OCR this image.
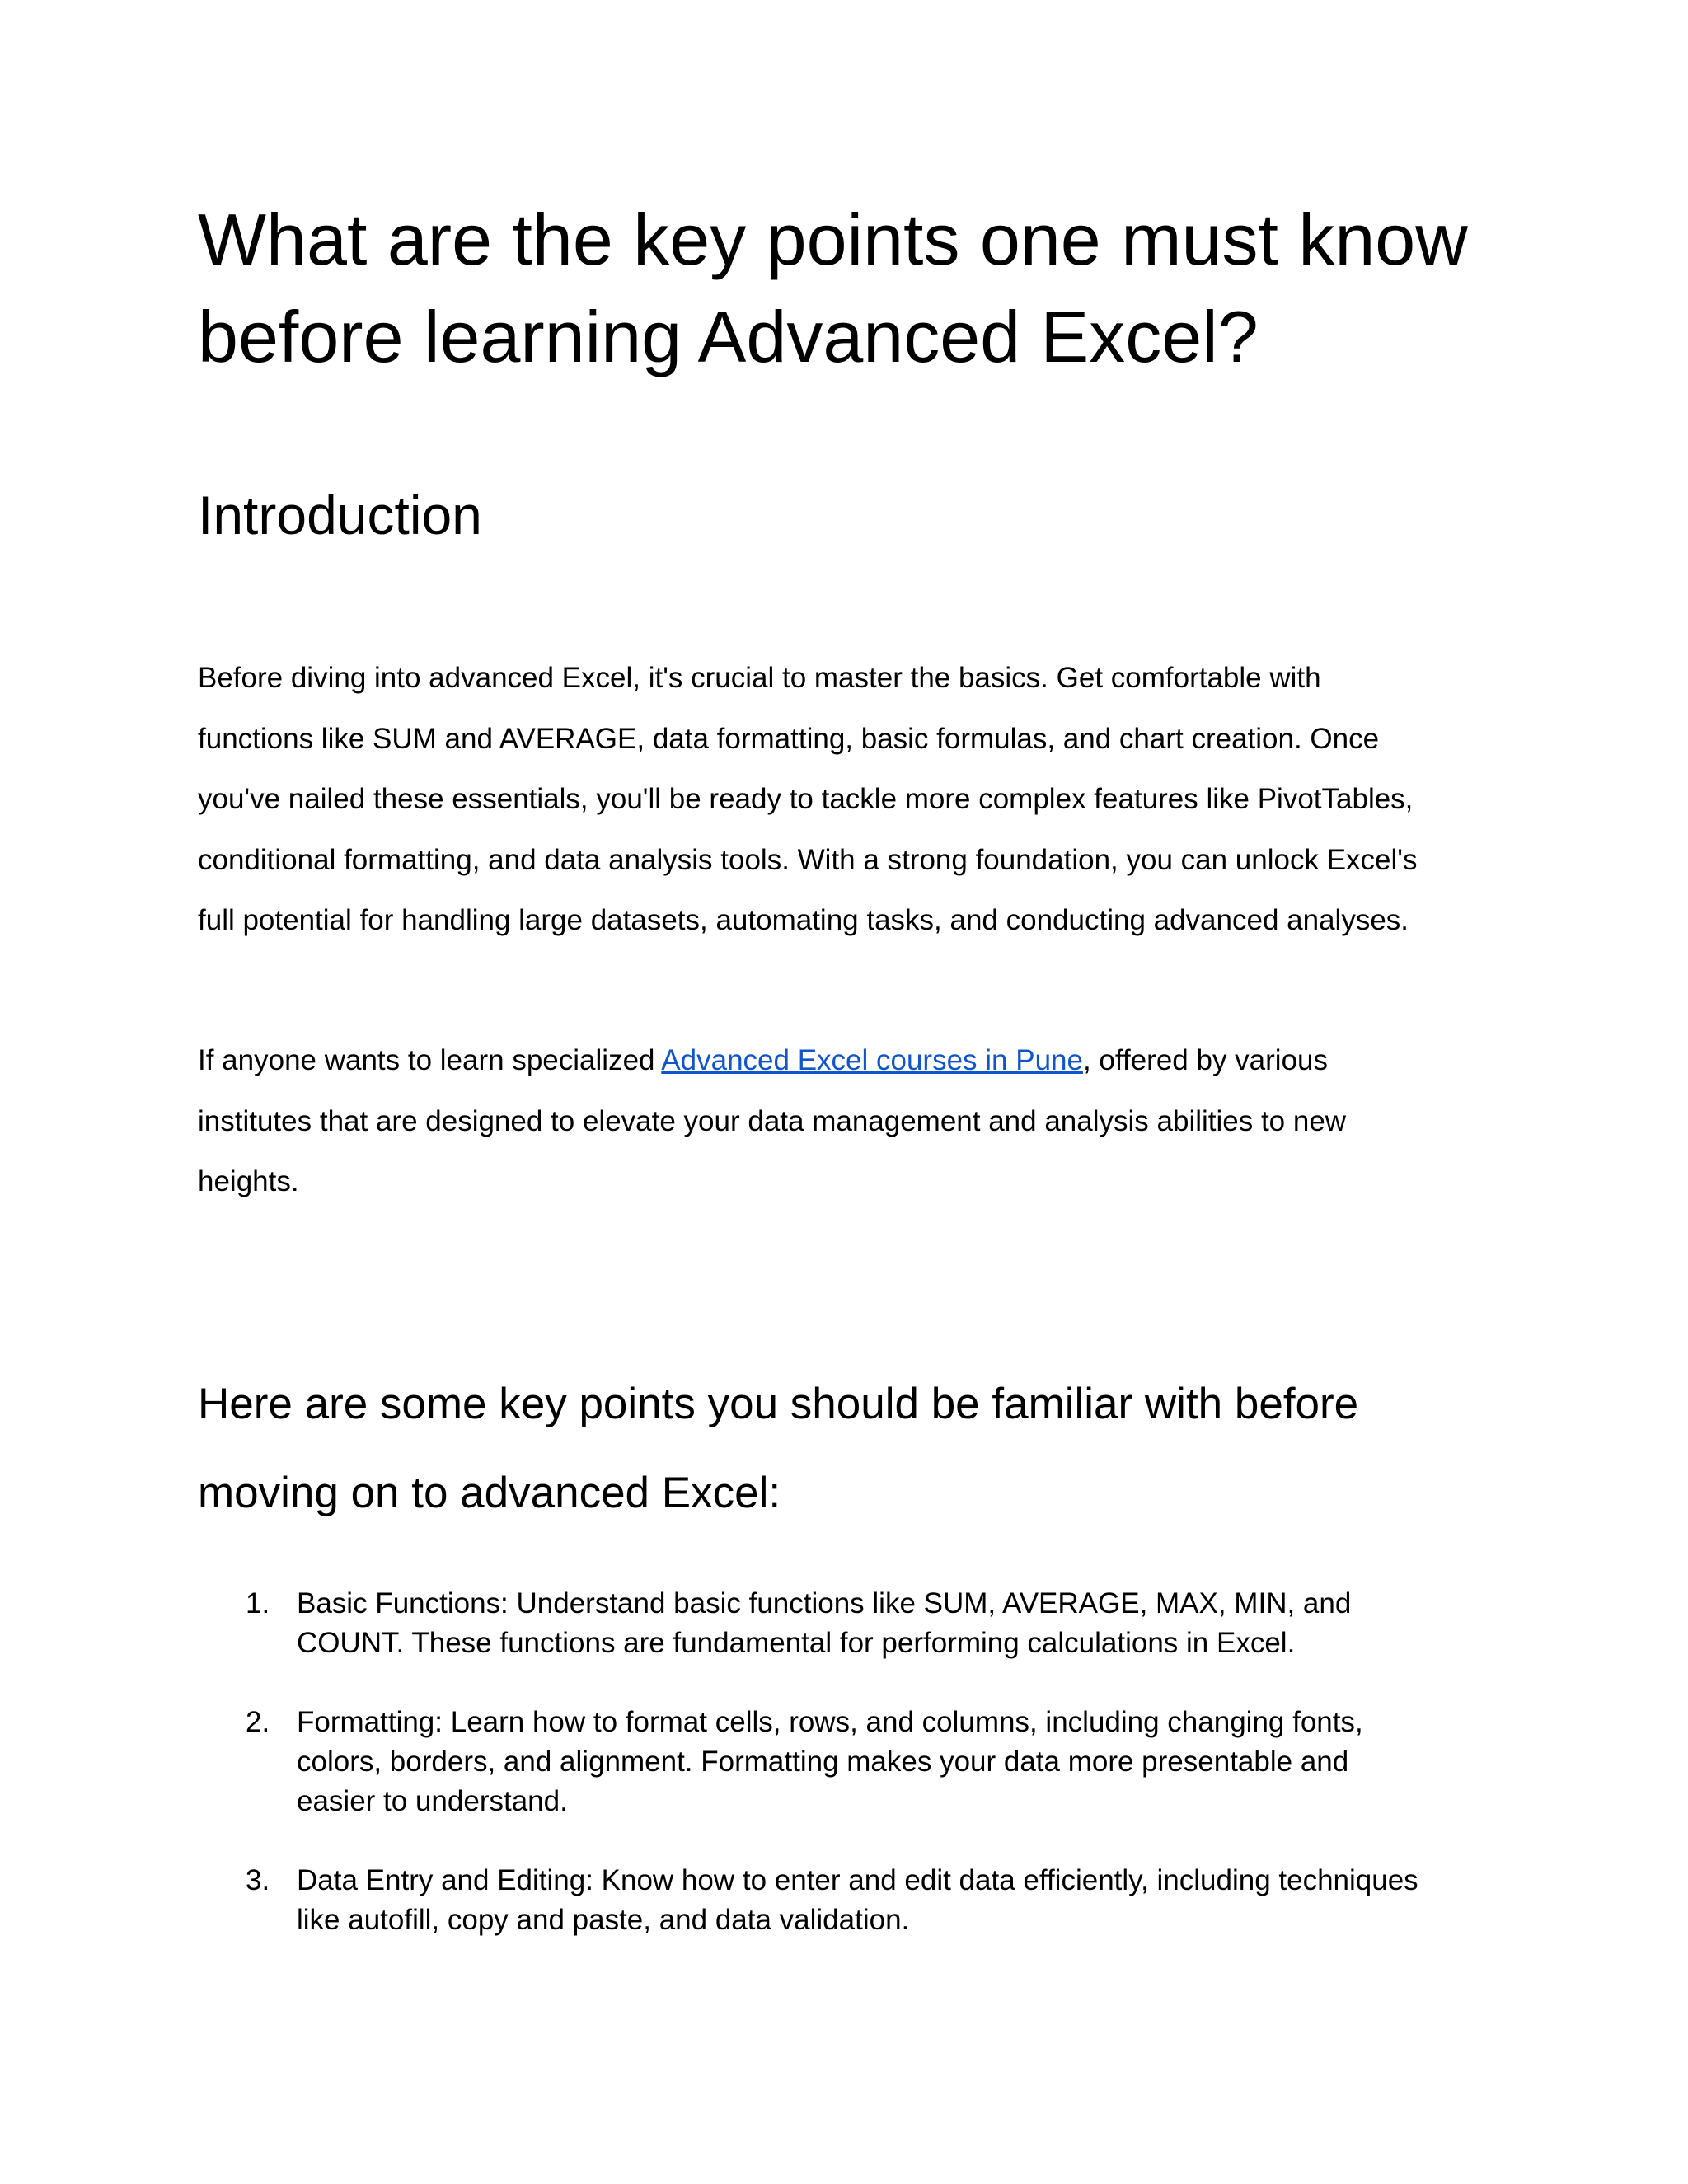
What are the key points one must know
before learning Advanced Excel?
Introduction

Before diving into advanced Excel, it's crucial to master the basics. Get comfortable with
functions like SUM and AVERAGE, data formatting, basic formulas, and chart creation. Once
you've nailed these essentials, you'll be ready to tackle more complex features like PivotTables,
conditional formatting, and data analysis tools. With a strong foundation, you can unlock Excel's
full potential for handling large datasets, automating tasks, and conducting advanced analyses.

If anyone wants to learn specialized Advanced Excel courses in Pune, offered by various
institutes that are designed to elevate your data management and analysis abilities to new
heights.

Here are some key points you should be familiar with before
moving on to advanced Excel:
1. Basic Functions: Understand basic functions like SUM, AVERAGE, MAX, MIN, and
COUNT. These functions are fundamental for performing calculations in Excel.
2. Formatting: Learn how to format cells, rows, and columns, including changing fonts,
colors, borders, and alignment. Formatting makes your data more presentable and
easier to understand.
3. Data Entry and Editing: Know how to enter and edit data efficiently, including techniques
like autofill, copy and paste, and data validation.
